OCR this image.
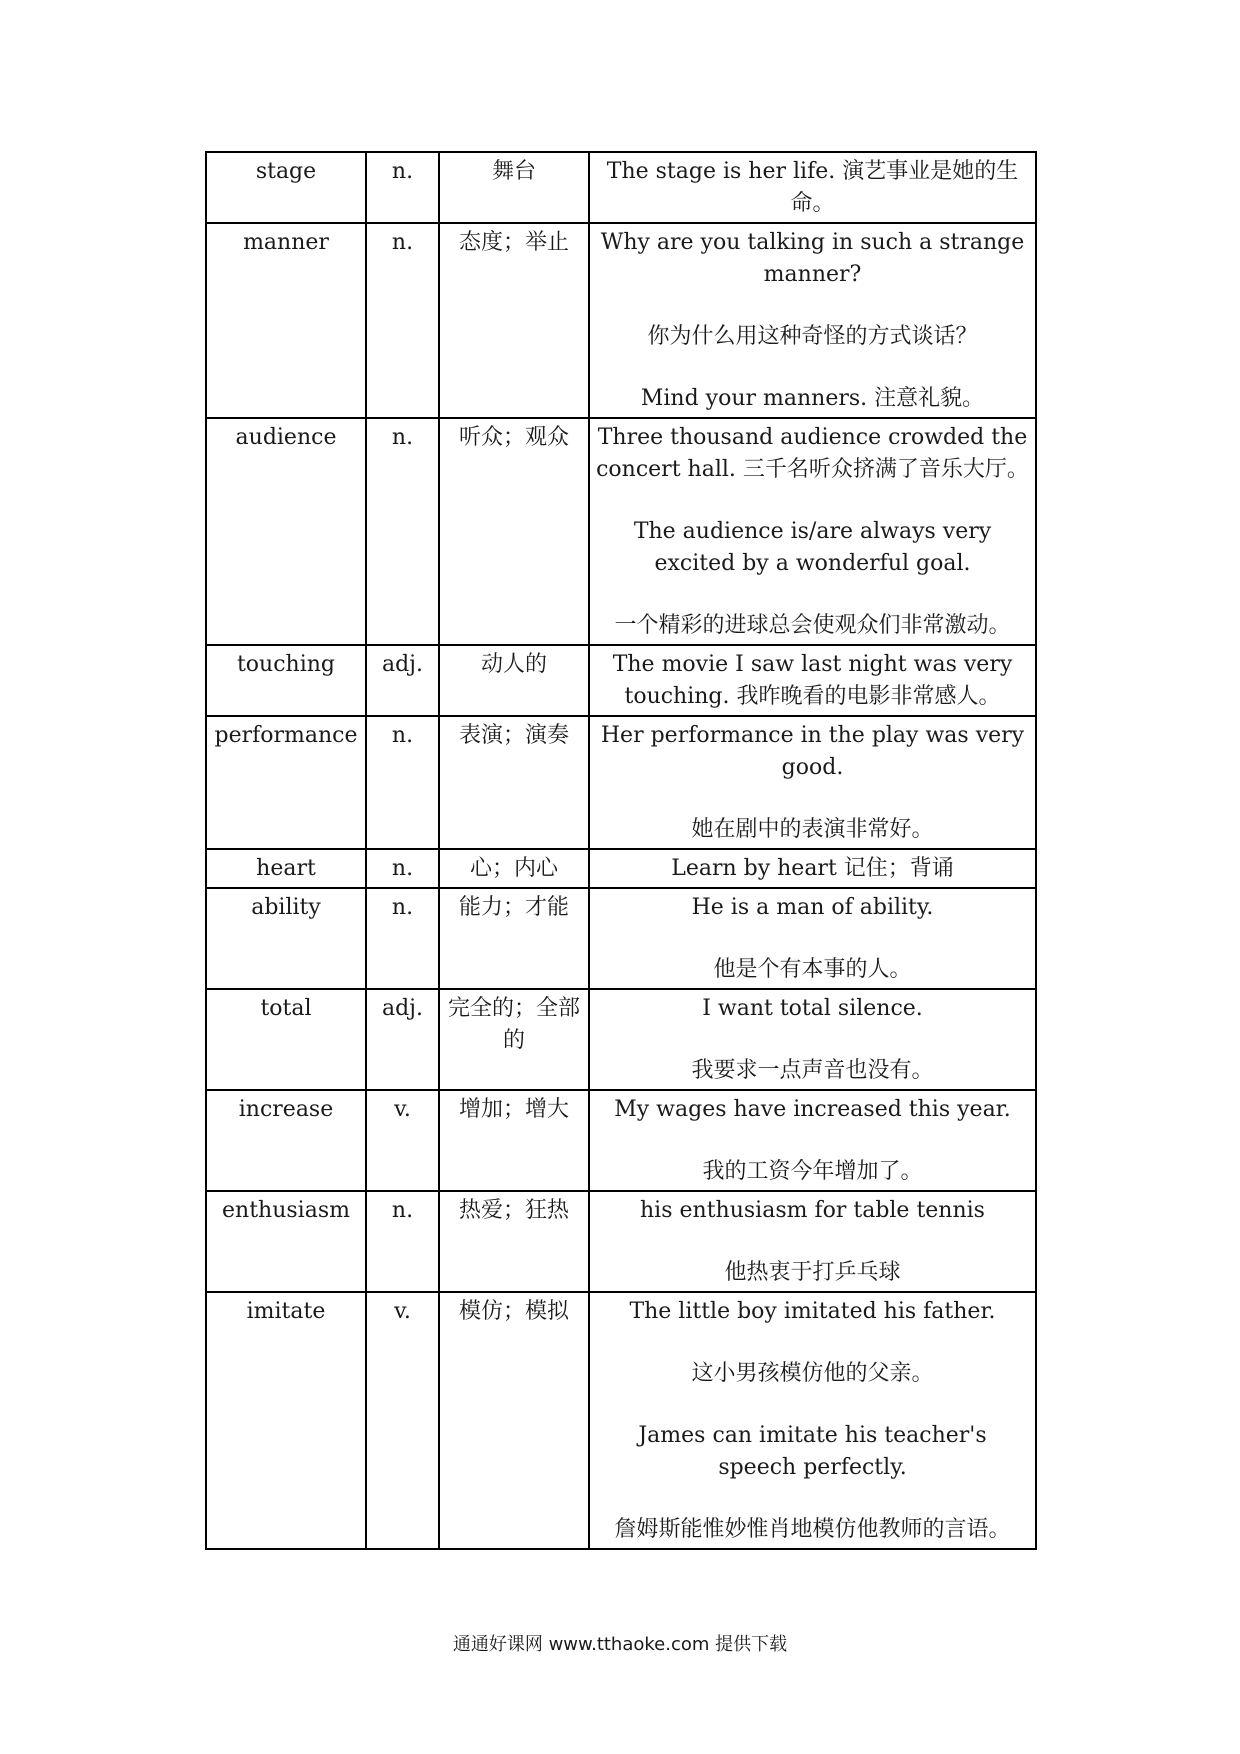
stage	n.	舞台	The stage is her life. 演艺事业是她的生命。

manner	n.	态度；举止	Why are you talking in such a strange manner?
你为什么用这种奇怪的方式谈话？
Mind your manners. 注意礼貌。

audience	n.	听众；观众	Three thousand audience crowded the concert hall. 三千名听众挤满了音乐大厅。
The audience is/are always very excited by a wonderful goal.
一个精彩的进球总会使观众们非常激动。

touching	adj.	动人的	The movie I saw last night was very touching. 我昨晚看的电影非常感人。

performance	n.	表演；演奏	Her performance in the play was very good.
她在剧中的表演非常好。

heart	n.	心；内心	Learn by heart 记住；背诵

ability	n.	能力；才能	He is a man of ability.
他是个有本事的人。

total	adj.	完全的；全部的	I want total silence.
我要求一点声音也没有。

increase	v.	增加；增大	My wages have increased this year.
我的工资今年增加了。

enthusiasm	n.	热爱；狂热	his enthusiasm for table tennis
他热衷于打乒乓球

imitate	v.	模仿；模拟	The little boy imitated his father.
这小男孩模仿他的父亲。
James can imitate his teacher's speech perfectly.
詹姆斯能惟妙惟肖地模仿他教师的言语。
通通好课网 www.tthaoke.com 提供下载
